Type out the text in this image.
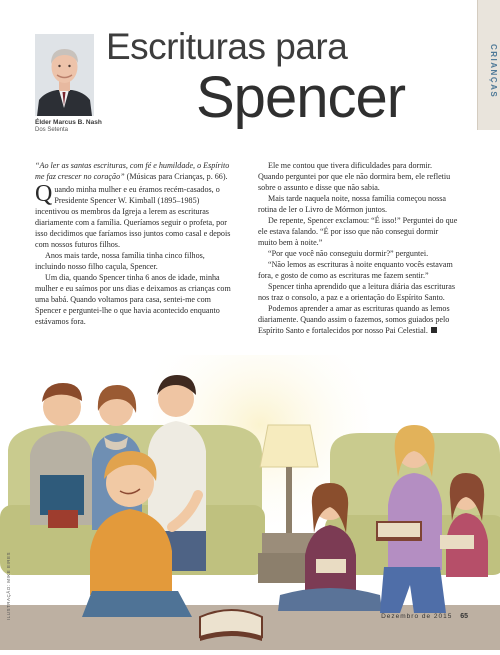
CRIANÇAS
Élder Marcus B. Nash
Dos Setenta
Escrituras para
Spencer

“Ao ler as santas escrituras, com fé e humildade, o Espírito me faz crescer no coração” (Músicas para Crianças, p. 66).

Quando minha mulher e eu éramos recém-casados, o Presidente Spencer W. Kimball (1895–1985) incentivou os membros da Igreja a lerem as escrituras diariamente com a família. Queríamos seguir o profeta, por isso decidimos que faríamos isso juntos como casal e depois com nossos futuros filhos.

Anos mais tarde, nossa família tinha cinco filhos, incluindo nosso filho caçula, Spencer.

Um dia, quando Spencer tinha 6 anos de idade, minha mulher e eu saímos por uns dias e deixamos as crianças com uma babá. Quando voltamos para casa, sentei-me com Spencer e perguntei-lhe o que havia acontecido enquanto estávamos fora.

Ele me contou que tivera dificuldades para dormir. Quando perguntei por que ele não dormira bem, ele refletiu sobre o assunto e disse que não sabia.

Mais tarde naquela noite, nossa família começou nossa rotina de ler o Livro de Mórmon juntos.

De repente, Spencer exclamou: “É isso!” Perguntei do que ele estava falando. “É por isso que não consegui dormir muito bem à noite.”

“Por que você não conseguiu dormir?” perguntei.

“Não lemos as escrituras à noite enquanto vocês estavam fora, e gosto de como as escrituras me fazem sentir.”

Spencer tinha aprendido que a leitura diária das escrituras nos traz o consolo, a paz e a orientação do Espírito Santo.

Podemos aprender a amar as escrituras quando as lemos diariamente. Quando assim o fazemos, somos guiados pelo Espírito Santo e fortalecidos por nosso Pai Celestial.

ILUSTRAÇÃO: MIKE EIRES	Dezembro de 2015 65
